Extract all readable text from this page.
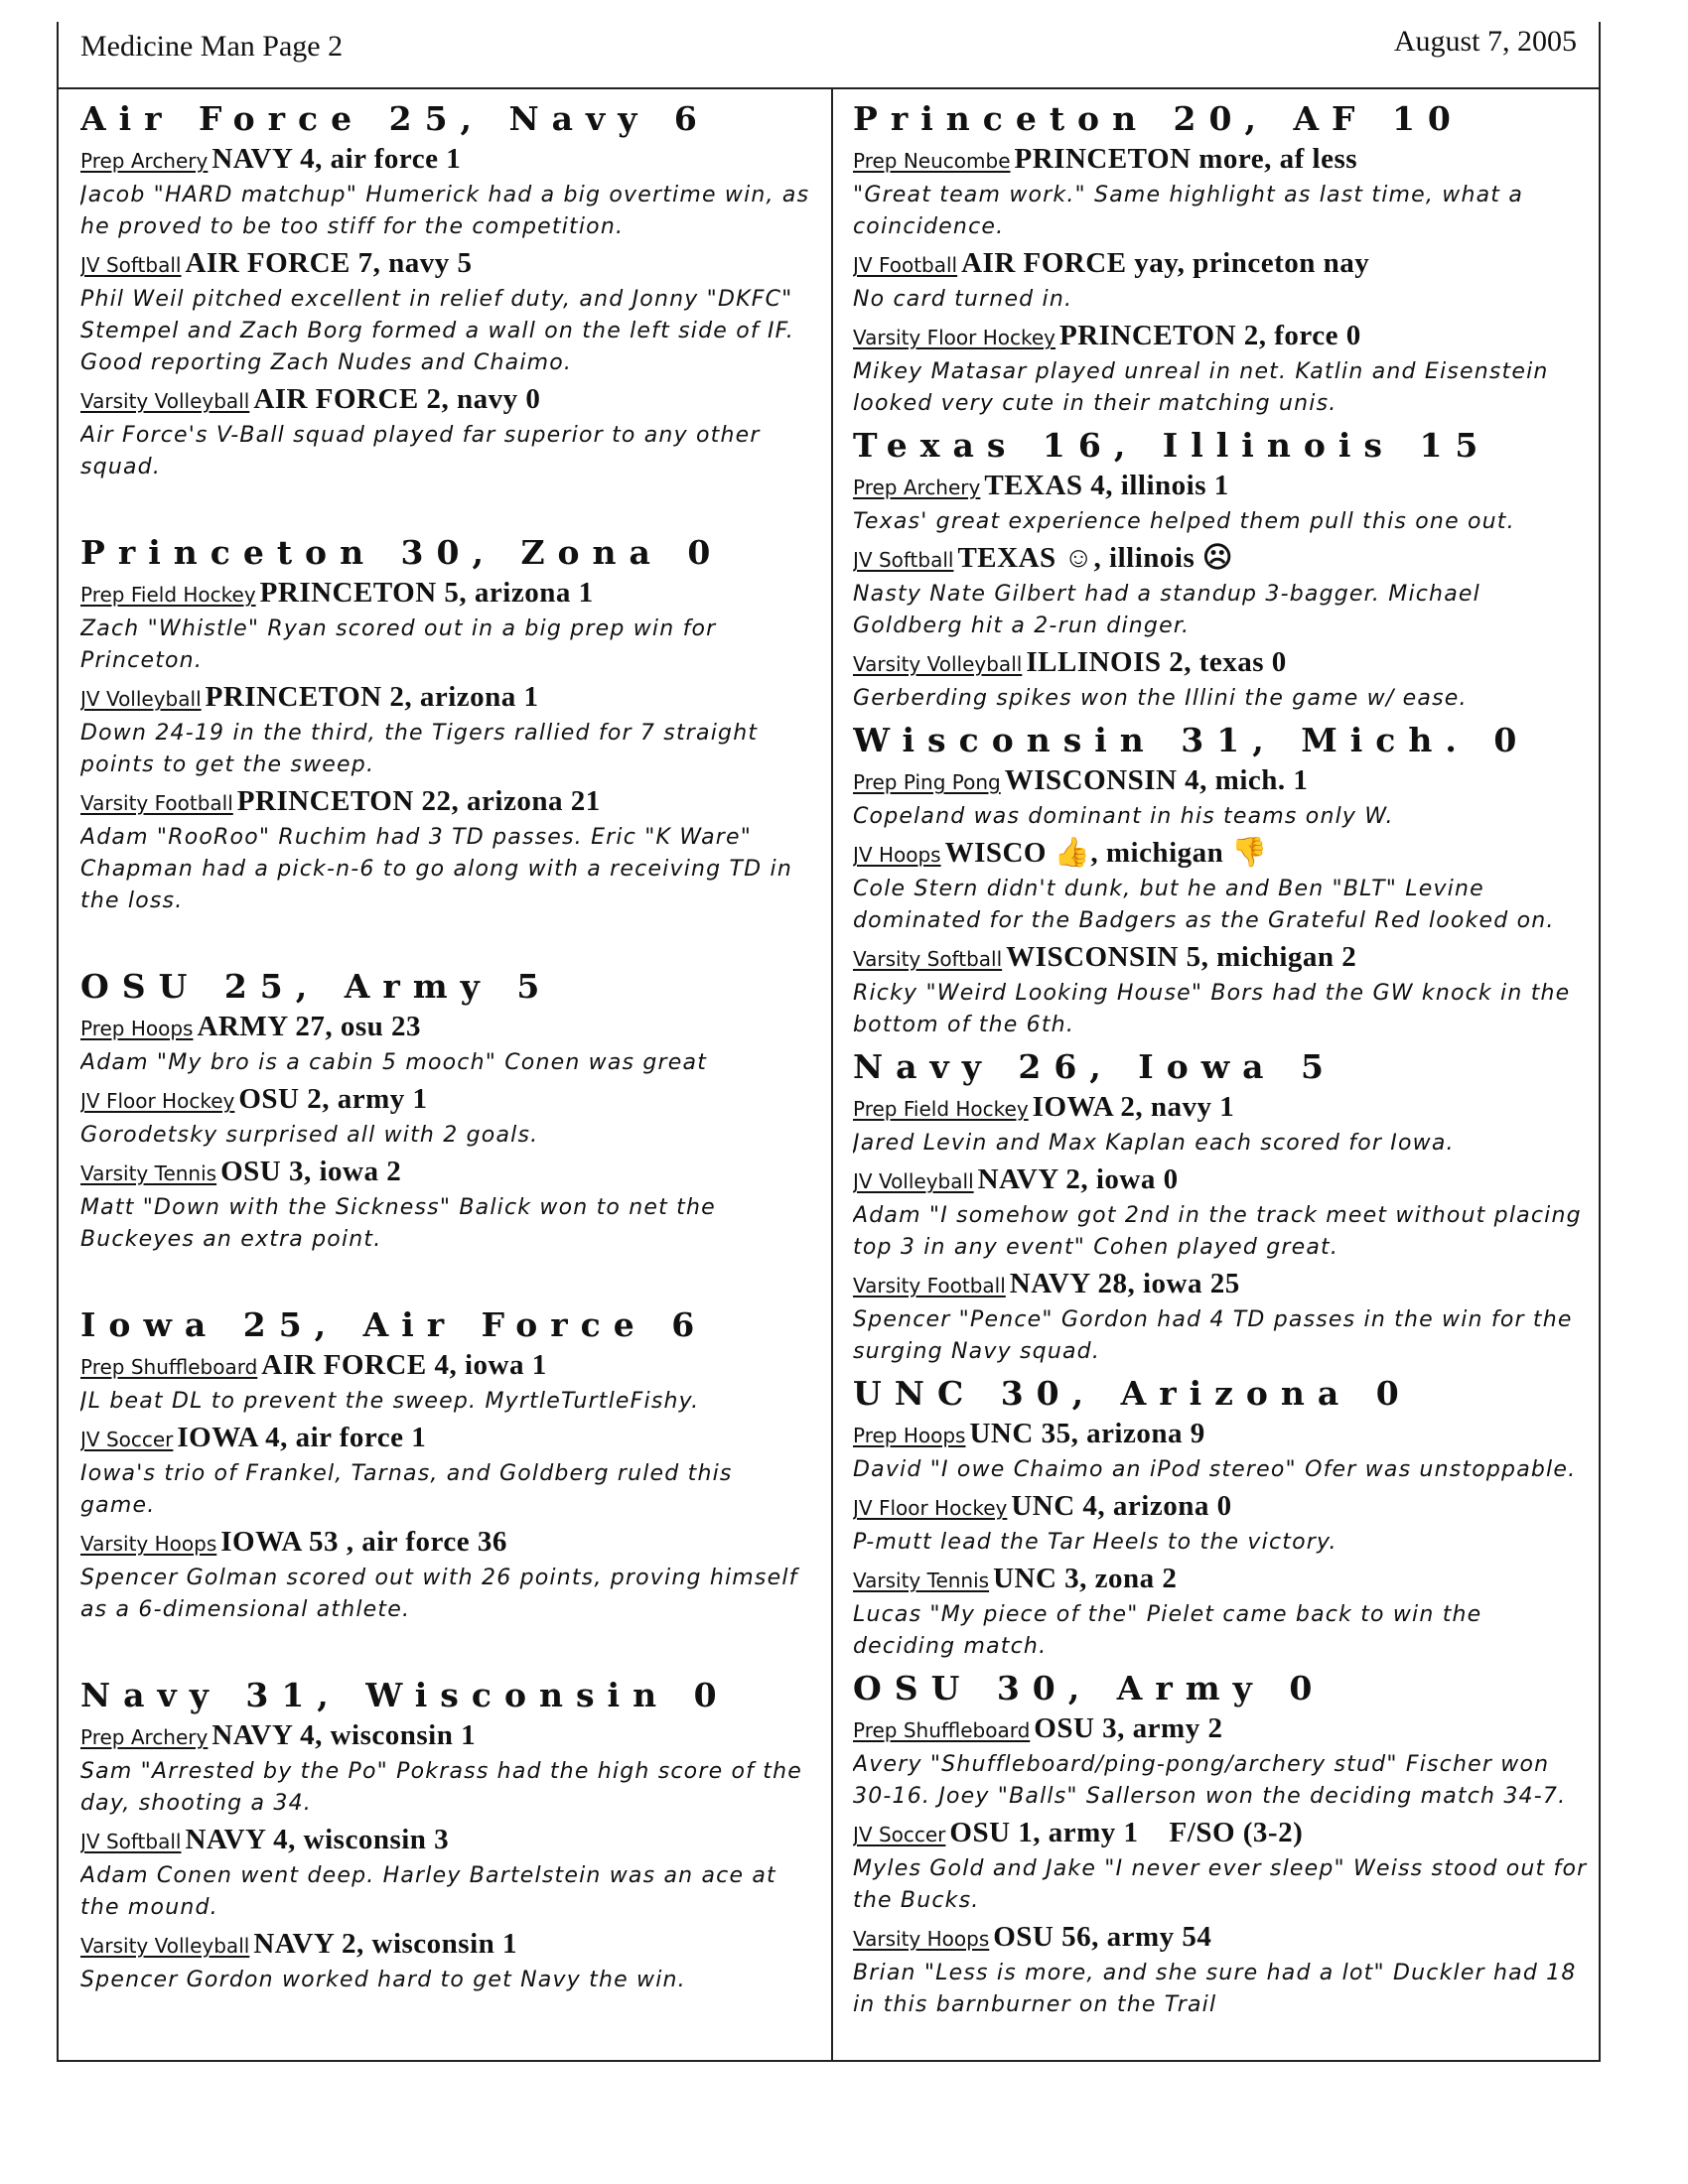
Medicine Man Page 2	August 7, 2005
Air Force 25, Navy 6
Prep Archery NAVY 4, air force 1
Jacob "HARD matchup" Humerick had a big overtime win, as he proved to be too stiff for the competition.
JV Softball AIR FORCE 7, navy 5
Phil Weil pitched excellent in relief duty, and Jonny "DKFC" Stempel and Zach Borg formed a wall on the left side of IF. Good reporting Zach Nudes and Chaimo.
Varsity Volleyball AIR FORCE 2, navy 0
Air Force's V-Ball squad played far superior to any other squad.
Princeton 30, Zona 0
Prep Field Hockey PRINCETON 5, arizona 1
Zach "Whistle" Ryan scored out in a big prep win for Princeton.
JV Volleyball PRINCETON 2, arizona 1
Down 24-19 in the third, the Tigers rallied for 7 straight points to get the sweep.
Varsity Football PRINCETON 22, arizona 21
Adam "RooRoo" Ruchim had 3 TD passes. Eric "K Ware" Chapman had a pick-n-6 to go along with a receiving TD in the loss.
OSU 25, Army 5
Prep Hoops ARMY 27, osu 23
Adam "My bro is a cabin 5 mooch" Conen was great
JV Floor Hockey OSU 2, army 1
Gorodetsky surprised all with 2 goals.
Varsity Tennis OSU 3, iowa 2
Matt "Down with the Sickness" Balick won to net the Buckeyes an extra point.
Iowa 25, Air Force 6
Prep Shuffleboard AIR FORCE 4, iowa 1
JL beat DL to prevent the sweep. MyrtleTurtleFishy.
JV Soccer IOWA 4, air force 1
Iowa's trio of Frankel, Tarnas, and Goldberg ruled this game.
Varsity Hoops IOWA 53 , air force 36
Spencer Golman scored out with 26 points, proving himself as a 6-dimensional athlete.
Navy 31, Wisconsin 0
Prep Archery NAVY 4, wisconsin 1
Sam "Arrested by the Po" Pokrass had the high score of the day, shooting a 34.
JV Softball NAVY 4, wisconsin 3
Adam Conen went deep. Harley Bartelstein was an ace at the mound.
Varsity Volleyball NAVY 2, wisconsin 1
Spencer Gordon worked hard to get Navy the win.
Princeton 20, AF 10
Prep Neucombe PRINCETON more, af less
"Great team work." Same highlight as last time, what a coincidence.
JV Football AIR FORCE yay, princeton nay
No card turned in.
Varsity Floor Hockey PRINCETON 2, force 0
Mikey Matasar played unreal in net. Katlin and Eisenstein looked very cute in their matching unis.
Texas 16, Illinois 15
Prep Archery TEXAS 4, illinois 1
Texas' great experience helped them pull this one out.
JV Softball TEXAS ☺, illinois ☹
Nasty Nate Gilbert had a standup 3-bagger. Michael Goldberg hit a 2-run dinger.
Varsity Volleyball ILLINOIS 2, texas 0
Gerberding spikes won the Illini the game w/ ease.
Wisconsin 31, Mich. 0
Prep Ping Pong WISCONSIN 4, mich. 1
Copeland was dominant in his teams only W.
JV Hoops WISCO 👍, michigan 👎
Cole Stern didn't dunk, but he and Ben "BLT" Levine dominated for the Badgers as the Grateful Red looked on.
Varsity Softball WISCONSIN 5, michigan 2
Ricky "Weird Looking House" Bors had the GW knock in the bottom of the 6th.
Navy 26, Iowa 5
Prep Field Hockey IOWA 2, navy 1
Jared Levin and Max Kaplan each scored for Iowa.
JV Volleyball NAVY 2, iowa 0
Adam "I somehow got 2nd in the track meet without placing top 3 in any event" Cohen played great.
Varsity Football NAVY 28, iowa 25
Spencer "Pence" Gordon had 4 TD passes in the win for the surging Navy squad.
UNC 30, Arizona 0
Prep Hoops UNC 35, arizona 9
David "I owe Chaimo an iPod stereo" Ofer was unstoppable.
JV Floor Hockey UNC 4, arizona 0
P-mutt lead the Tar Heels to the victory.
Varsity Tennis UNC 3, zona 2
Lucas "My piece of the" Pielet came back to win the deciding match.
OSU 30, Army 0
Prep Shuffleboard OSU 3, army 2
Avery "Shuffleboard/ping-pong/archery stud" Fischer won 30-16. Joey "Balls" Sallerson won the deciding match 34-7.
JV Soccer OSU 1, army 1    F/SO (3-2)
Myles Gold and Jake "I never ever sleep" Weiss stood out for the Bucks.
Varsity Hoops OSU 56, army 54
Brian "Less is more, and she sure had a lot" Duckler had 18 in this barnburner on the Trail
